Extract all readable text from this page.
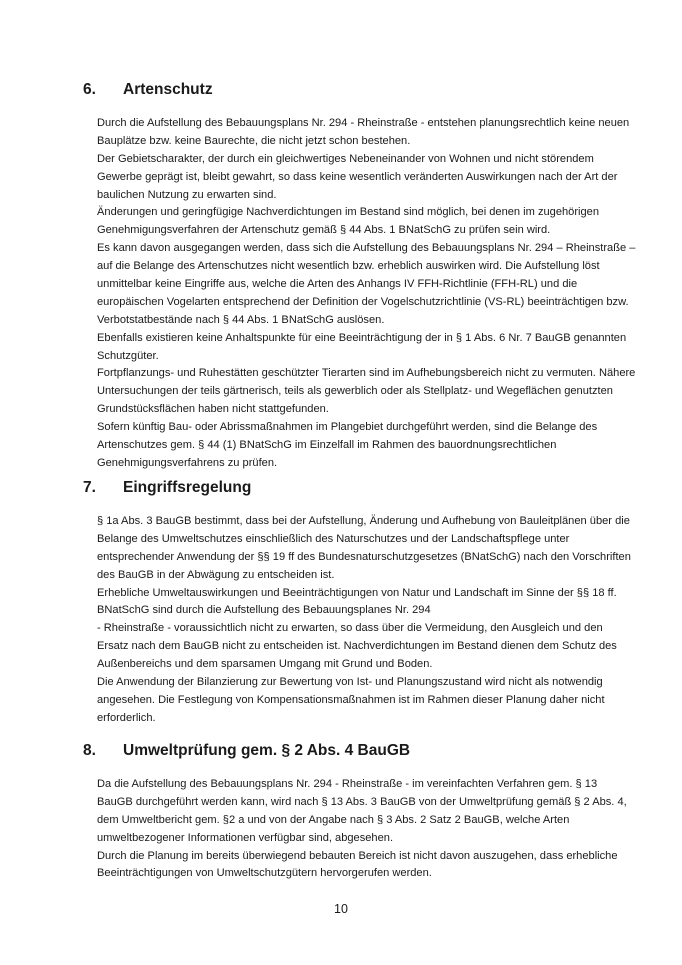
6. Artenschutz
Durch die Aufstellung des Bebauungsplans Nr. 294 - Rheinstraße - entstehen planungsrechtlich keine neuen
Bauplätze bzw. keine Baurechte, die nicht jetzt schon bestehen.
Der Gebietscharakter, der durch ein gleichwertiges Nebeneinander von Wohnen und nicht störendem
Gewerbe geprägt ist, bleibt gewahrt, so dass keine wesentlich veränderten Auswirkungen nach der Art der
baulichen Nutzung zu erwarten sind.
Änderungen und geringfügige Nachverdichtungen im Bestand sind möglich, bei denen im zugehörigen
Genehmigungsverfahren der Artenschutz gemäß § 44 Abs. 1 BNatSchG zu prüfen sein wird.
Es kann davon ausgegangen werden, dass sich die Aufstellung des Bebauungsplans Nr. 294 – Rheinstraße –
auf die Belange des Artenschutzes nicht wesentlich bzw. erheblich auswirken wird. Die Aufstellung löst
unmittelbar keine Eingriffe aus, welche die Arten des Anhangs IV FFH-Richtlinie (FFH-RL) und die
europäischen Vogelarten entsprechend der Definition der Vogelschutzrichtlinie (VS-RL) beeinträchtigen bzw.
Verbotstatbestände nach § 44 Abs. 1 BNatSchG auslösen.
Ebenfalls existieren keine Anhaltspunkte für eine Beeinträchtigung der in § 1 Abs. 6 Nr. 7 BauGB genannten
Schutzgüter.
Fortpflanzungs- und Ruhestätten geschützter Tierarten sind im Aufhebungsbereich nicht zu vermuten. Nähere
Untersuchungen der teils gärtnerisch, teils als gewerblich oder als Stellplatz- und Wegeflächen genutzten
Grundstücksflächen haben nicht stattgefunden.
Sofern künftig Bau- oder Abrissmaßnahmen im Plangebiet durchgeführt werden, sind die Belange des
Artenschutzes gem. § 44 (1) BNatSchG im Einzelfall im Rahmen des bauordnungsrechtlichen
Genehmigungsverfahrens zu prüfen.
7. Eingriffsregelung
§ 1a Abs. 3 BauGB bestimmt, dass bei der Aufstellung, Änderung und Aufhebung von Bauleitplänen über die
Belange des Umweltschutzes einschließlich des Naturschutzes und der Landschaftspflege unter
entsprechender Anwendung der §§ 19 ff des Bundesnaturschutzgesetzes (BNatSchG) nach den Vorschriften
des BauGB in der Abwägung zu entscheiden ist.
Erhebliche Umweltauswirkungen und Beeinträchtigungen von Natur und Landschaft im Sinne der §§ 18 ff.
BNatSchG sind durch die Aufstellung des Bebauungsplanes Nr. 294
- Rheinstraße - voraussichtlich nicht zu erwarten, so dass über die Vermeidung, den Ausgleich und den
Ersatz nach dem BauGB nicht zu entscheiden ist. Nachverdichtungen im Bestand dienen dem Schutz des
Außenbereichs und dem sparsamen Umgang mit Grund und Boden.
Die Anwendung der Bilanzierung zur Bewertung von Ist- und Planungszustand wird nicht als notwendig
angesehen. Die Festlegung von Kompensationsmaßnahmen ist im Rahmen dieser Planung daher nicht
erforderlich.
8. Umweltprüfung gem. § 2 Abs. 4 BauGB
Da die Aufstellung des Bebauungsplans Nr. 294 - Rheinstraße - im vereinfachten Verfahren gem. § 13
BauGB durchgeführt werden kann, wird nach § 13 Abs. 3 BauGB von der Umweltprüfung gemäß § 2 Abs. 4,
dem Umweltbericht gem. §2 a und von der Angabe nach § 3 Abs. 2 Satz 2 BauGB, welche Arten
umweltbezogener Informationen verfügbar sind, abgesehen.
Durch die Planung im bereits überwiegend bebauten Bereich ist nicht davon auszugehen, dass erhebliche
Beeinträchtigungen von Umweltschutzgütern hervorgerufen werden.
10
